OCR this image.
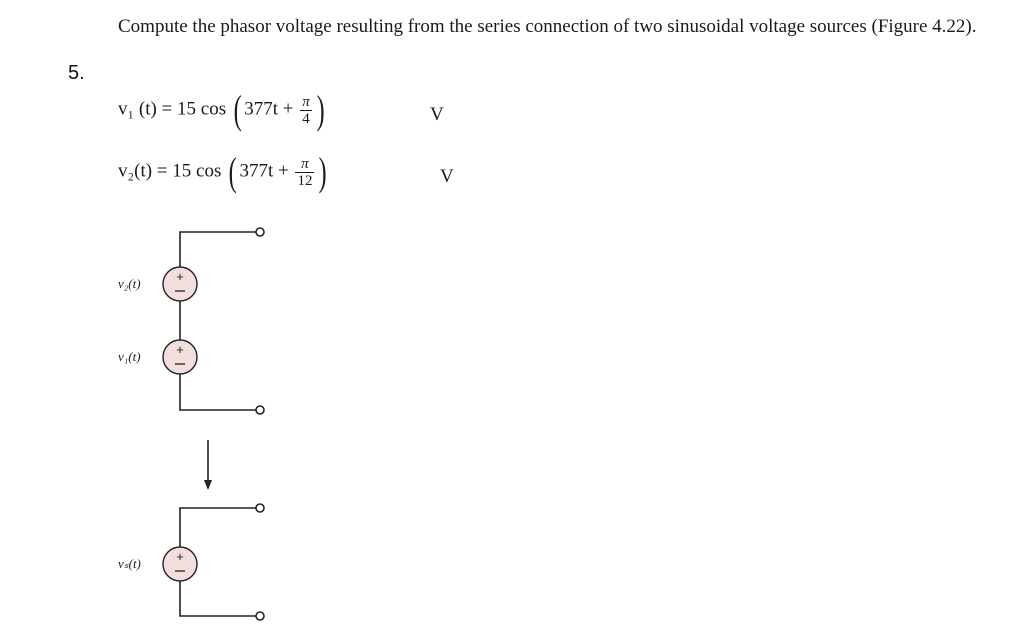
5.
Compute the phasor voltage resulting from the series connection of two sinusoidal voltage sources (Figure 4.22).
v₁ (t) = 15 cos ( $377t + \frac{\pi}{4}$ )	V
v₂(t) = 15 cos ( $377t + \frac{\pi}{12}$ )	V
+
+
+
v₂(t)
v₁(t)
vₛ(t)
